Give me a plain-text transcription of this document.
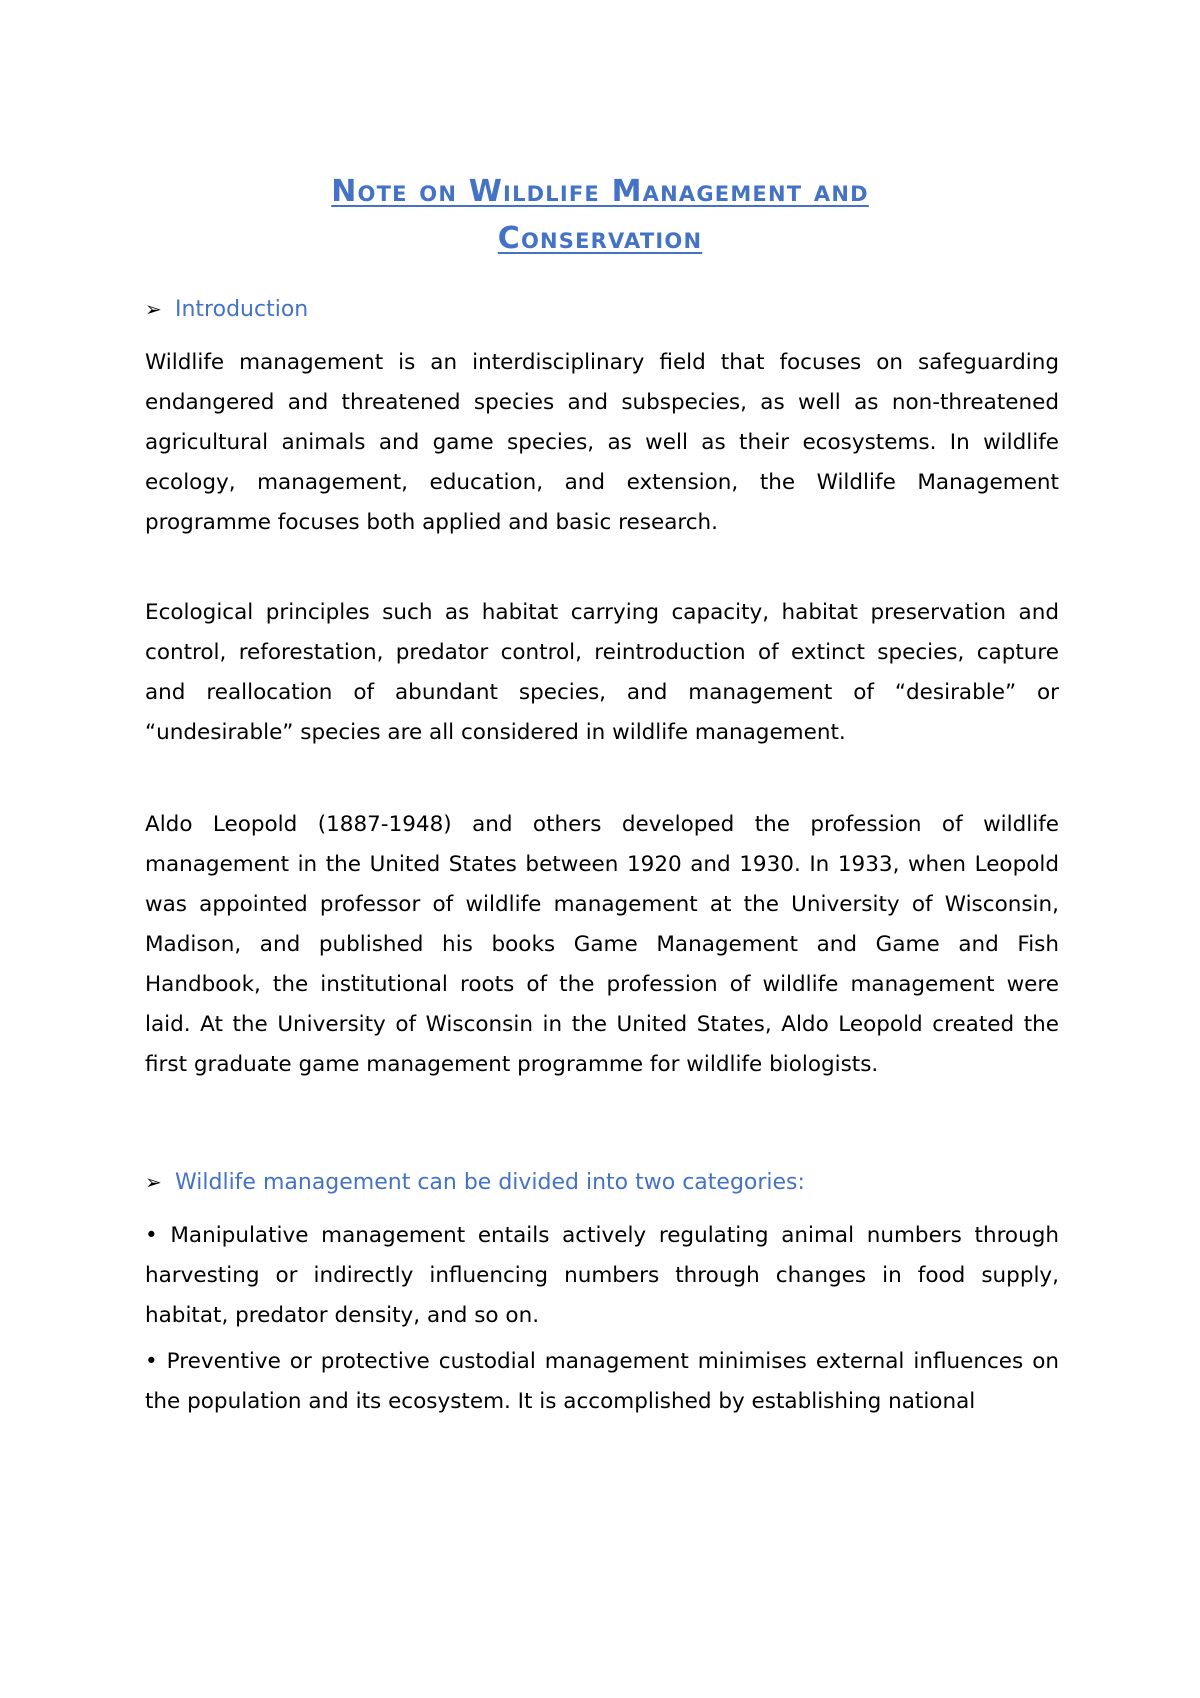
Note on Wildlife Management and
Conservation
➢ Introduction
Wildlife management is an interdisciplinary field that focuses on safeguarding endangered and threatened species and subspecies, as well as non-threatened agricultural animals and game species, as well as their ecosystems. In wildlife ecology, management, education, and extension, the Wildlife Management programme focuses both applied and basic research.
Ecological principles such as habitat carrying capacity, habitat preservation and control, reforestation, predator control, reintroduction of extinct species, capture and reallocation of abundant species, and management of “desirable” or “undesirable” species are all considered in wildlife management.
Aldo Leopold (1887-1948) and others developed the profession of wildlife management in the United States between 1920 and 1930. In 1933, when Leopold was appointed professor of wildlife management at the University of Wisconsin, Madison, and published his books Game Management and Game and Fish Handbook, the institutional roots of the profession of wildlife management were laid. At the University of Wisconsin in the United States, Aldo Leopold created the first graduate game management programme for wildlife biologists.
➢ Wildlife management can be divided into two categories:
• Manipulative management entails actively regulating animal numbers through harvesting or indirectly influencing numbers through changes in food supply, habitat, predator density, and so on.
• Preventive or protective custodial management minimises external influences on the population and its ecosystem. It is accomplished by establishing national
